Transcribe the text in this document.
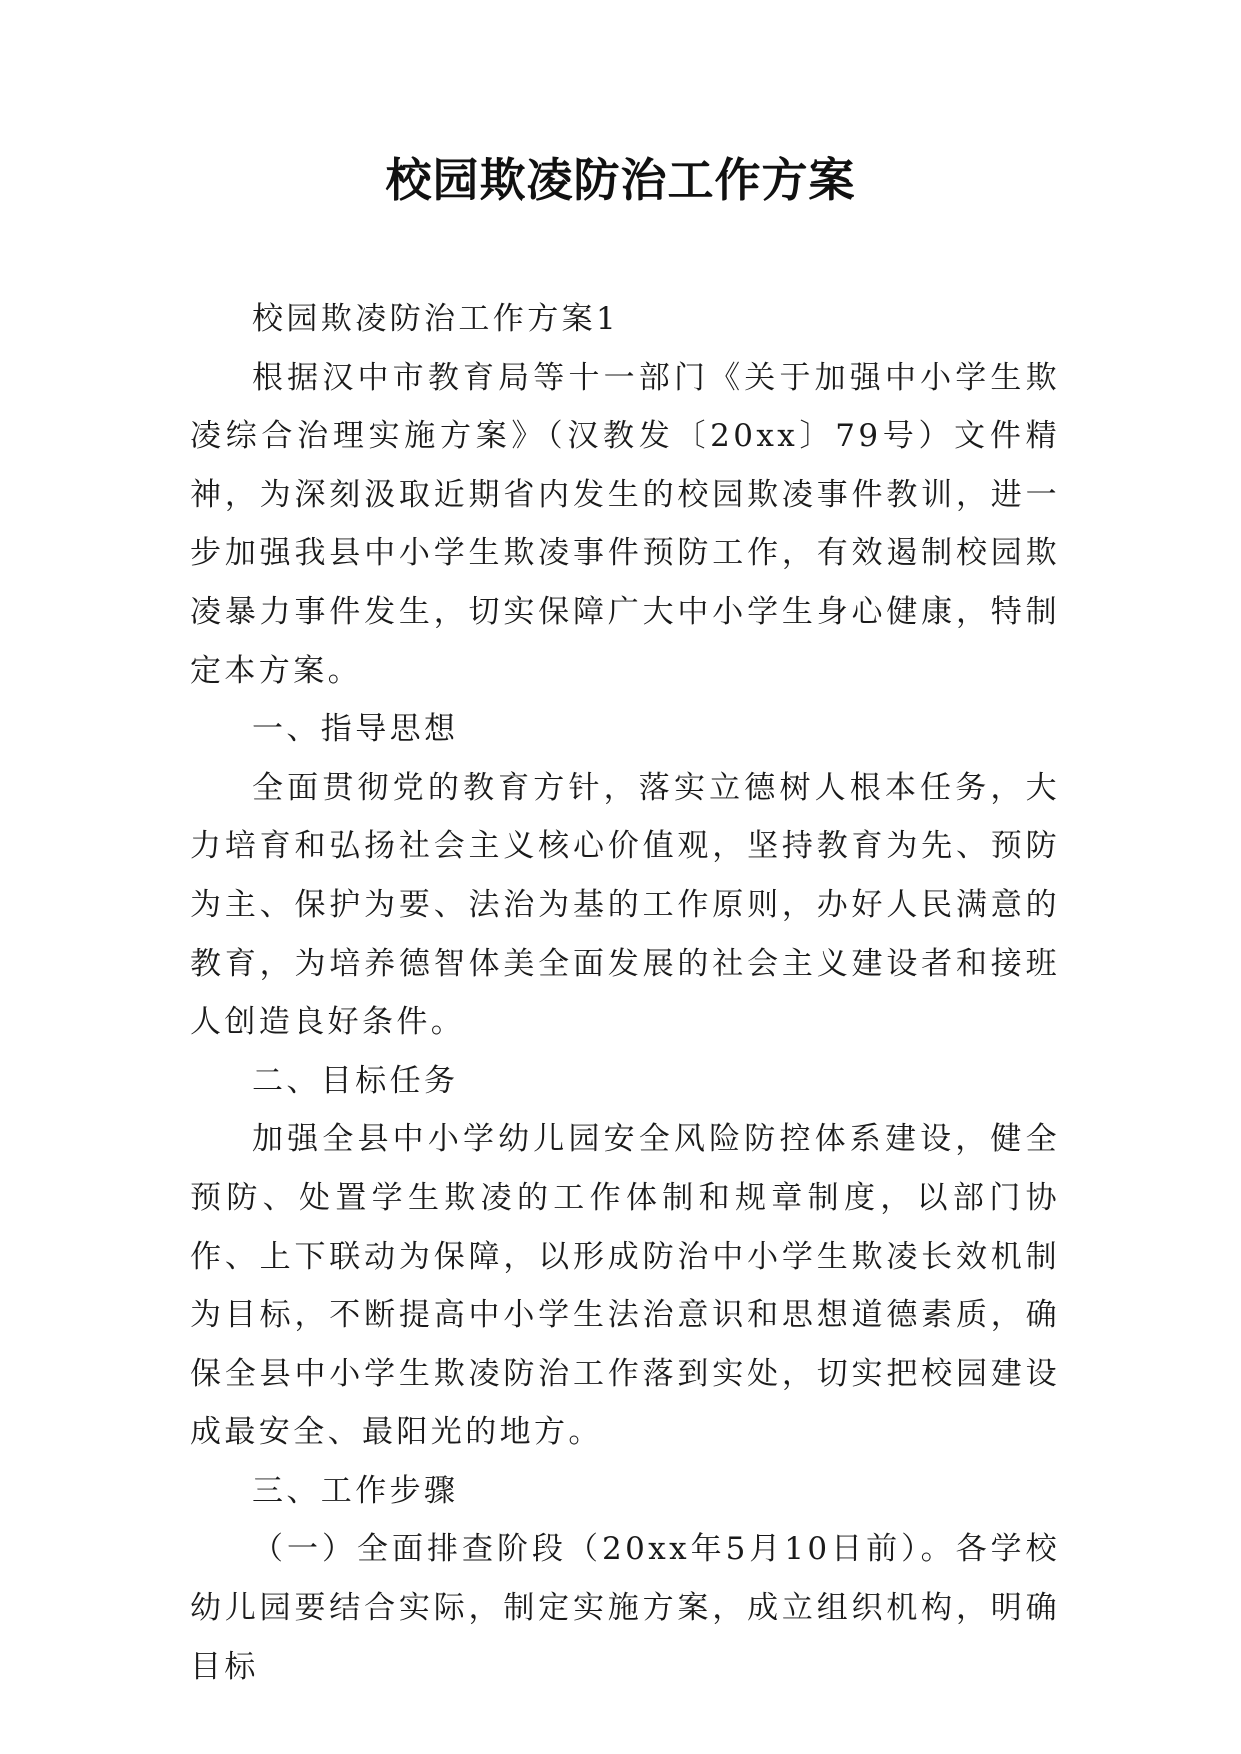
校园欺凌防治工作方案

校园欺凌防治工作方案1

根据汉中市教育局等十一部门《关于加强中小学生欺凌综合治理实施方案》（汉教发〔20xx〕79号）文件精神，为深刻汲取近期省内发生的校园欺凌事件教训，进一步加强我县中小学生欺凌事件预防工作，有效遏制校园欺凌暴力事件发生，切实保障广大中小学生身心健康，特制定本方案。

一、指导思想

全面贯彻党的教育方针，落实立德树人根本任务，大力培育和弘扬社会主义核心价值观，坚持教育为先、预防为主、保护为要、法治为基的工作原则，办好人民满意的教育，为培养德智体美全面发展的社会主义建设者和接班人创造良好条件。

二、目标任务

加强全县中小学幼儿园安全风险防控体系建设，健全预防、处置学生欺凌的工作体制和规章制度，以部门协作、上下联动为保障，以形成防治中小学生欺凌长效机制为目标，不断提高中小学生法治意识和思想道德素质，确保全县中小学生欺凌防治工作落到实处，切实把校园建设成最安全、最阳光的地方。

三、工作步骤

（一）全面排查阶段（20xx年5月10日前）。各学校幼儿园要结合实际，制定实施方案，成立组织机构，明确目标
